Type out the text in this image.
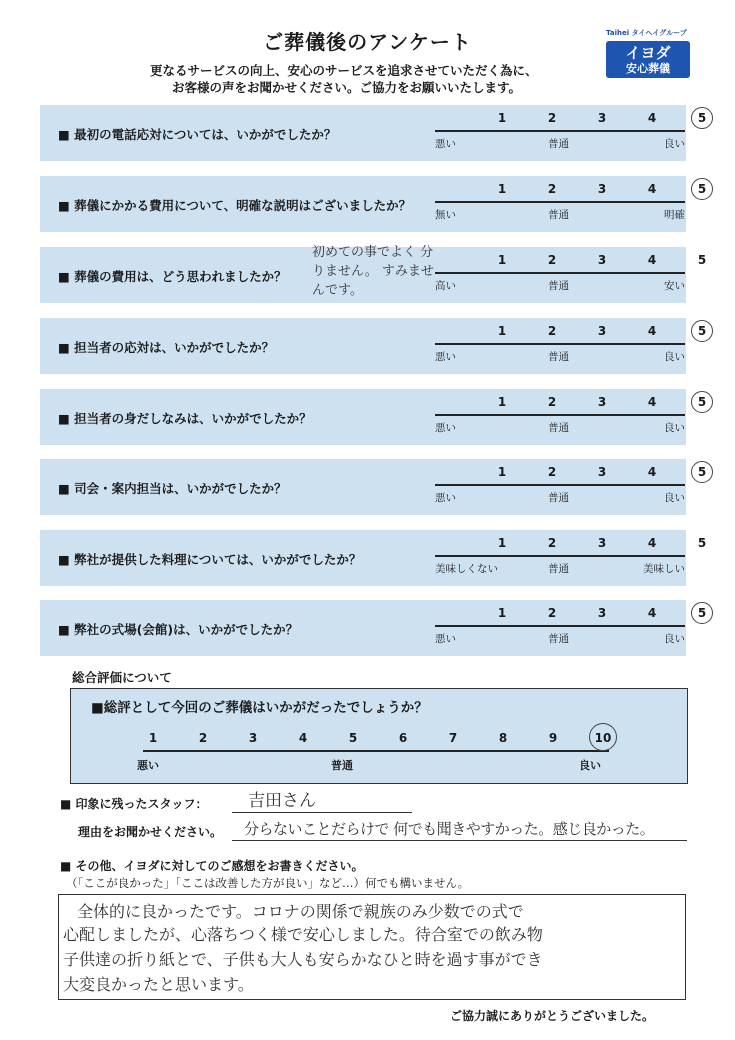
ご葬儀後のアンケート
更なるサービスの向上、安心のサービスを追求させていただく為に、
お客様の声をお聞かせください。ご協力をお願いいたします。
Taihei タイヘイグループ
イヨダ
安心葬儀
■ 最初の電話応対については、いかがでしたか？
1	2	3	4	5
悪い	普通	良い
■ 葬儀にかかる費用について、明確な説明はございましたか？
1	2	3	4	5
無い	普通	明確
■ 葬儀の費用は、どう思われましたか？
1	2	3	4	5
高い	普通	安い
初めての事でよく 分りません。 すみませんです。
■ 担当者の応対は、いかがでしたか？
1	2	3	4	5
悪い	普通	良い
■ 担当者の身だしなみは、いかがでしたか？
1	2	3	4	5
悪い	普通	良い
■ 司会・案内担当は、いかがでしたか？
1	2	3	4	5
悪い	普通	良い
■ 弊社が提供した料理については、いかがでしたか？
1	2	3	4	5
美味しくない	普通	美味しい
■ 弊社の式場(会館)は、いかがでしたか？
1	2	3	4	5
悪い	普通	良い
総合評価について
■総評として今回のご葬儀はいかがだったでしょうか？
悪い	普通	良い
1	2	3	4	5	6	7	8	9	10
■ 印象に残ったスタッフ： 吉田さん
理由をお聞かせください。 分らないことだらけで 何でも聞きやすかった。感じ良かった。
■ その他、イヨダに対してのご感想をお書きください。
（「ここが良かった」「ここは改善した方が良い」など…）何でも構いません。
全体的に良かったです。コロナの関係で親族のみ少数での式で
心配しましたが、心落ちつく様で安心しました。待合室での飲み物
子供達の折り紙とで、子供も大人も安らかなひと時を過す事ができ
大変良かったと思います。
ご協力誠にありがとうございました。
